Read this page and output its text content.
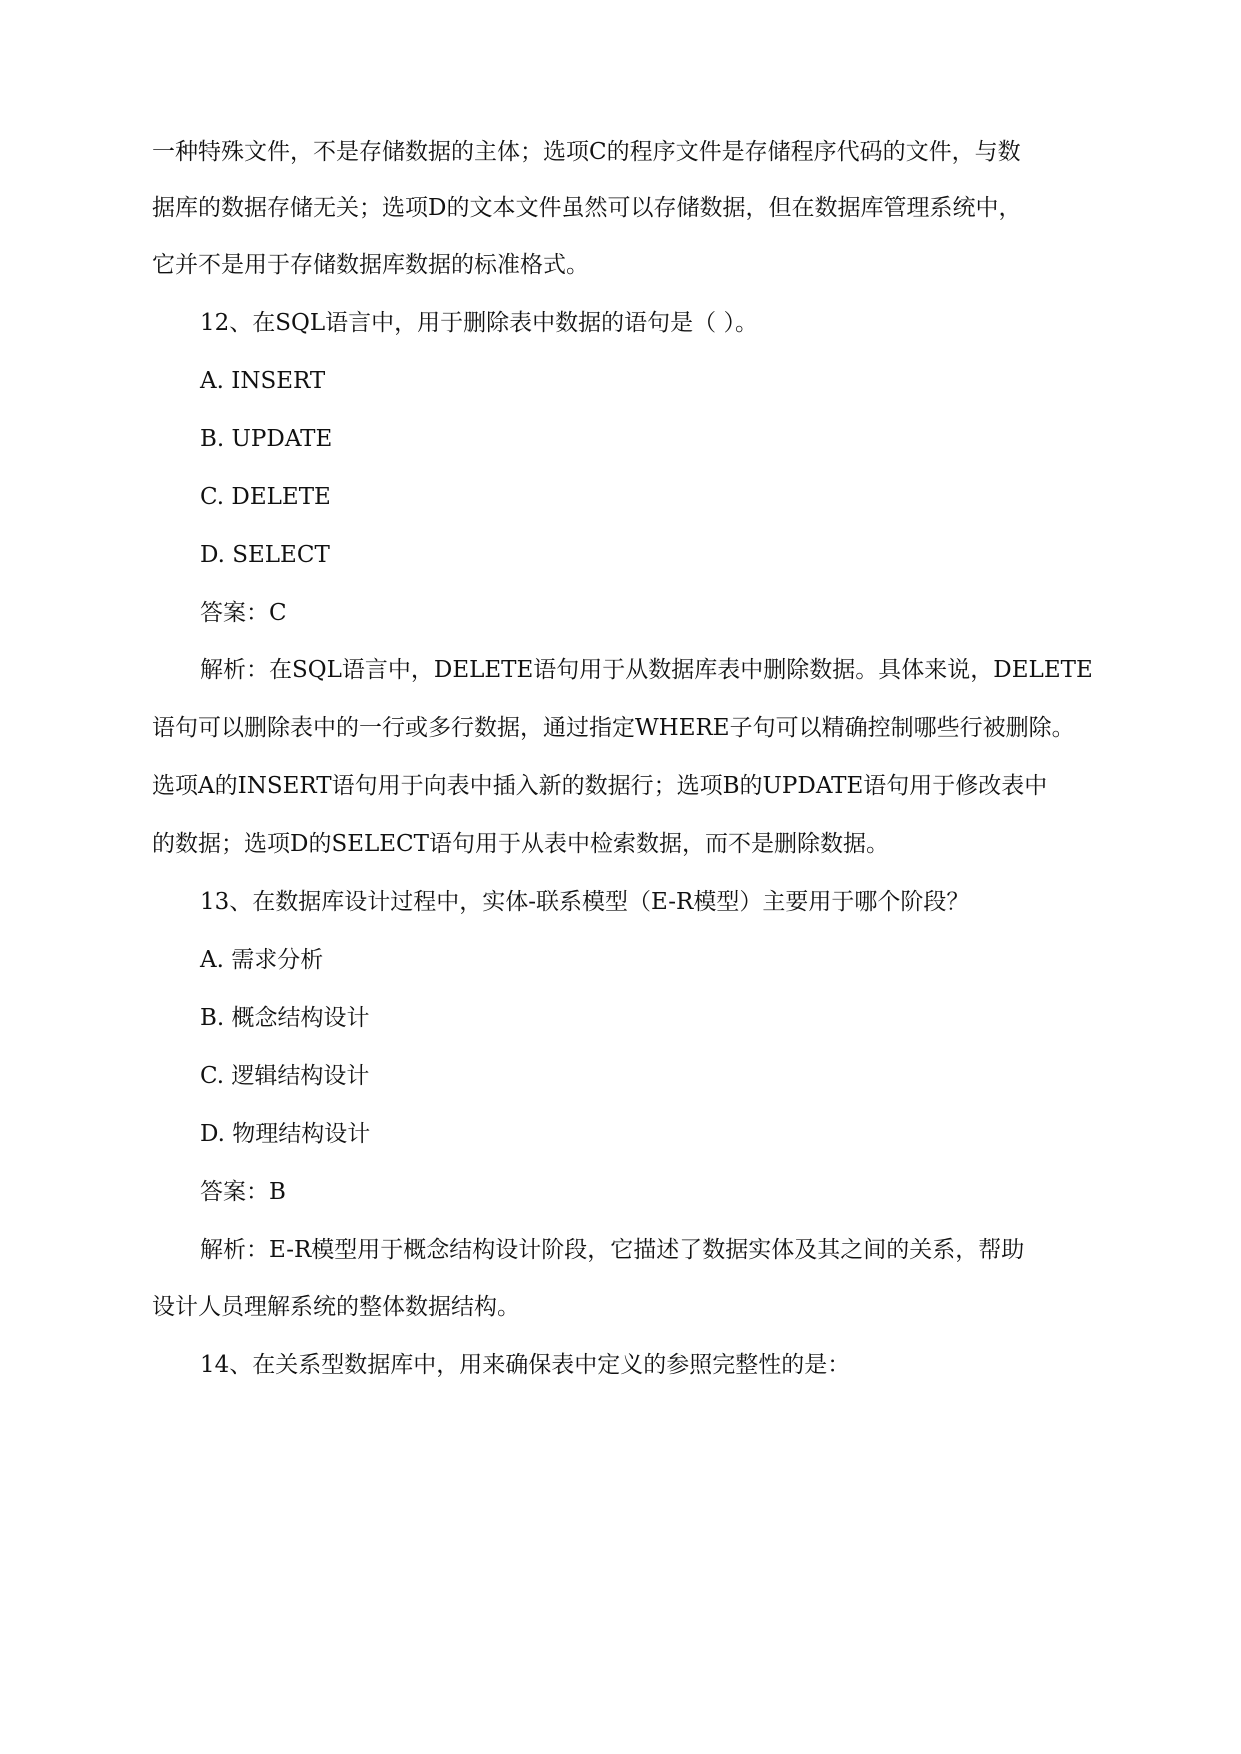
一种特殊文件，不是存储数据的主体；选项C的程序文件是存储程序代码的文件，与数
据库的数据存储无关；选项D的文本文件虽然可以存储数据，但在数据库管理系统中，
它并不是用于存储数据库数据的标准格式。
12、在SQL语言中，用于删除表中数据的语句是（ ）。
A. INSERT
B. UPDATE
C. DELETE
D. SELECT
答案：C
解析：在SQL语言中，DELETE语句用于从数据库表中删除数据。具体来说，DELETE
语句可以删除表中的一行或多行数据，通过指定WHERE子句可以精确控制哪些行被删除。
选项A的INSERT语句用于向表中插入新的数据行；选项B的UPDATE语句用于修改表中
的数据；选项D的SELECT语句用于从表中检索数据，而不是删除数据。
13、在数据库设计过程中，实体-联系模型（E-R模型）主要用于哪个阶段？
A. 需求分析
B. 概念结构设计
C. 逻辑结构设计
D. 物理结构设计
答案：B
解析：E-R模型用于概念结构设计阶段，它描述了数据实体及其之间的关系，帮助
设计人员理解系统的整体数据结构。
14、在关系型数据库中，用来确保表中定义的参照完整性的是：
